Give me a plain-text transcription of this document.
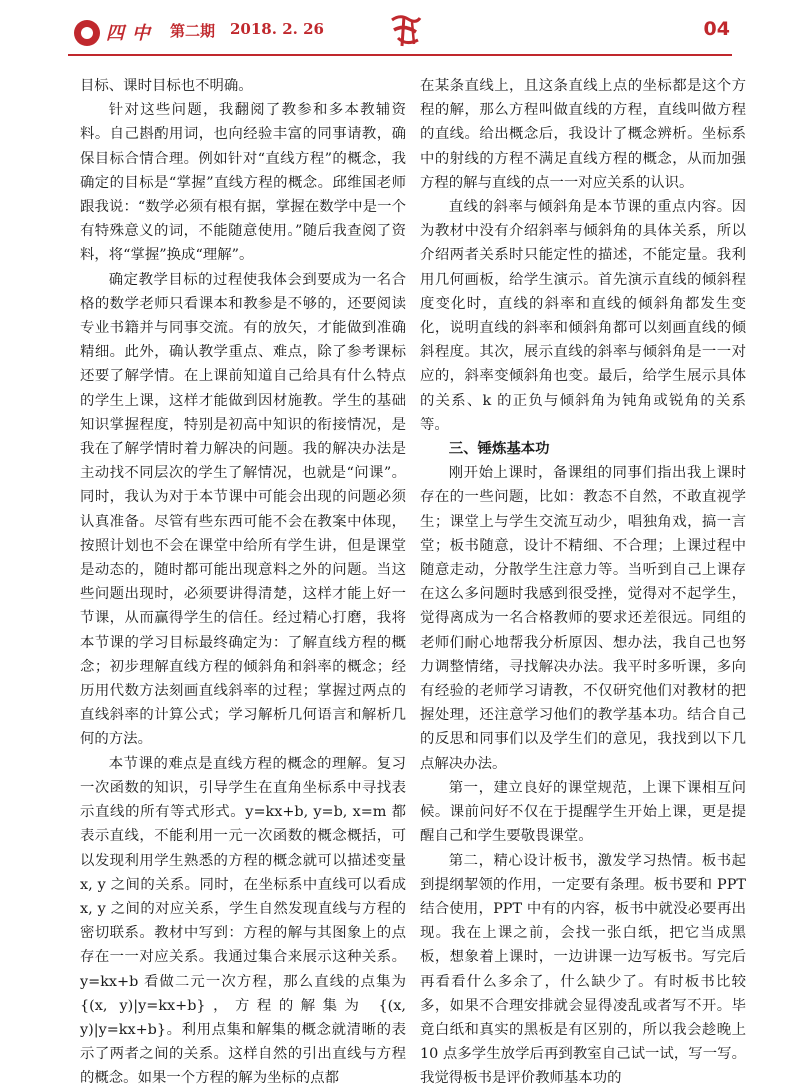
四中 第二期 2018. 2. 26	04

目标、课时目标也不明确。

针对这些问题，我翻阅了教参和多本教辅资料。自己斟酌用词，也向经验丰富的同事请教，确保目标合情合理。例如针对“直线方程”的概念，我确定的目标是“掌握”直线方程的概念。邱维国老师跟我说：“数学必须有根有据，掌握在数学中是一个有特殊意义的词，不能随意使用。”随后我查阅了资料，将“掌握”换成“理解”。

确定教学目标的过程使我体会到要成为一名合格的数学老师只看课本和教参是不够的，还要阅读专业书籍并与同事交流。有的放矢，才能做到准确精细。此外，确认教学重点、难点，除了参考课标还要了解学情。在上课前知道自己给具有什么特点的学生上课，这样才能做到因材施教。学生的基础知识掌握程度，特别是初高中知识的衔接情况，是我在了解学情时着力解决的问题。我的解决办法是主动找不同层次的学生了解情况，也就是“问课”。同时，我认为对于本节课中可能会出现的问题必须认真准备。尽管有些东西可能不会在教案中体现，按照计划也不会在课堂中给所有学生讲，但是课堂是动态的，随时都可能出现意料之外的问题。当这些问题出现时，必须要讲得清楚，这样才能上好一节课，从而赢得学生的信任。经过精心打磨，我将本节课的学习目标最终确定为：了解直线方程的概念；初步理解直线方程的倾斜角和斜率的概念；经历用代数方法刻画直线斜率的过程；掌握过两点的直线斜率的计算公式；学习解析几何语言和解析几何的方法。

本节课的难点是直线方程的概念的理解。复习一次函数的知识，引导学生在直角坐标系中寻找表示直线的所有等式形式。y=kx+b, y=b, x=m 都表示直线，不能利用一元一次函数的概念概括，可以发现利用学生熟悉的方程的概念就可以描述变量 x, y 之间的关系。同时，在坐标系中直线可以看成 x, y 之间的对应关系，学生自然发现直线与方程的密切联系。教材中写到：方程的解与其图象上的点存在一一对应关系。我通过集合来展示这种关系。y=kx+b 看做二元一次方程，那么直线的点集为 {(x, y)|y=kx+b}，方程的解集为 {(x, y)|y=kx+b}。利用点集和解集的概念就清晰的表示了两者之间的关系。这样自然的引出直线与方程的概念。如果一个方程的解为坐标的点都

在某条直线上，且这条直线上点的坐标都是这个方程的解，那么方程叫做直线的方程，直线叫做方程的直线。给出概念后，我设计了概念辨析。坐标系中的射线的方程不满足直线方程的概念，从而加强方程的解与直线的点一一对应关系的认识。

直线的斜率与倾斜角是本节课的重点内容。因为教材中没有介绍斜率与倾斜角的具体关系，所以介绍两者关系时只能定性的描述，不能定量。我利用几何画板，给学生演示。首先演示直线的倾斜程度变化时，直线的斜率和直线的倾斜角都发生变化，说明直线的斜率和倾斜角都可以刻画直线的倾斜程度。其次，展示直线的斜率与倾斜角是一一对应的，斜率变倾斜角也变。最后，给学生展示具体的关系、k 的正负与倾斜角为钝角或锐角的关系等。

三、锤炼基本功

刚开始上课时，备课组的同事们指出我上课时存在的一些问题，比如：教态不自然，不敢直视学生；课堂上与学生交流互动少，唱独角戏，搞一言堂；板书随意，设计不精细、不合理；上课过程中随意走动，分散学生注意力等。当听到自己上课存在这么多问题时我感到很受挫，觉得对不起学生，觉得离成为一名合格教师的要求还差很远。同组的老师们耐心地帮我分析原因、想办法，我自己也努力调整情绪，寻找解决办法。我平时多听课，多向有经验的老师学习请教，不仅研究他们对教材的把握处理，还注意学习他们的教学基本功。结合自己的反思和同事们以及学生们的意见，我找到以下几点解决办法。

第一，建立良好的课堂规范，上课下课相互问候。课前问好不仅在于提醒学生开始上课，更是提醒自己和学生要敬畏课堂。

第二，精心设计板书，激发学习热情。板书起到提纲挈领的作用，一定要有条理。板书要和 PPT 结合使用，PPT 中有的内容，板书中就没必要再出现。我在上课之前，会找一张白纸，把它当成黑板，想象着上课时，一边讲课一边写板书。写完后再看看什么多余了，什么缺少了。有时板书比较多，如果不合理安排就会显得凌乱或者写不开。毕竟白纸和真实的黑板是有区别的，所以我会趁晚上 10 点多学生放学后再到教室自己试一试，写一写。我觉得板书是评价教师基本功的
